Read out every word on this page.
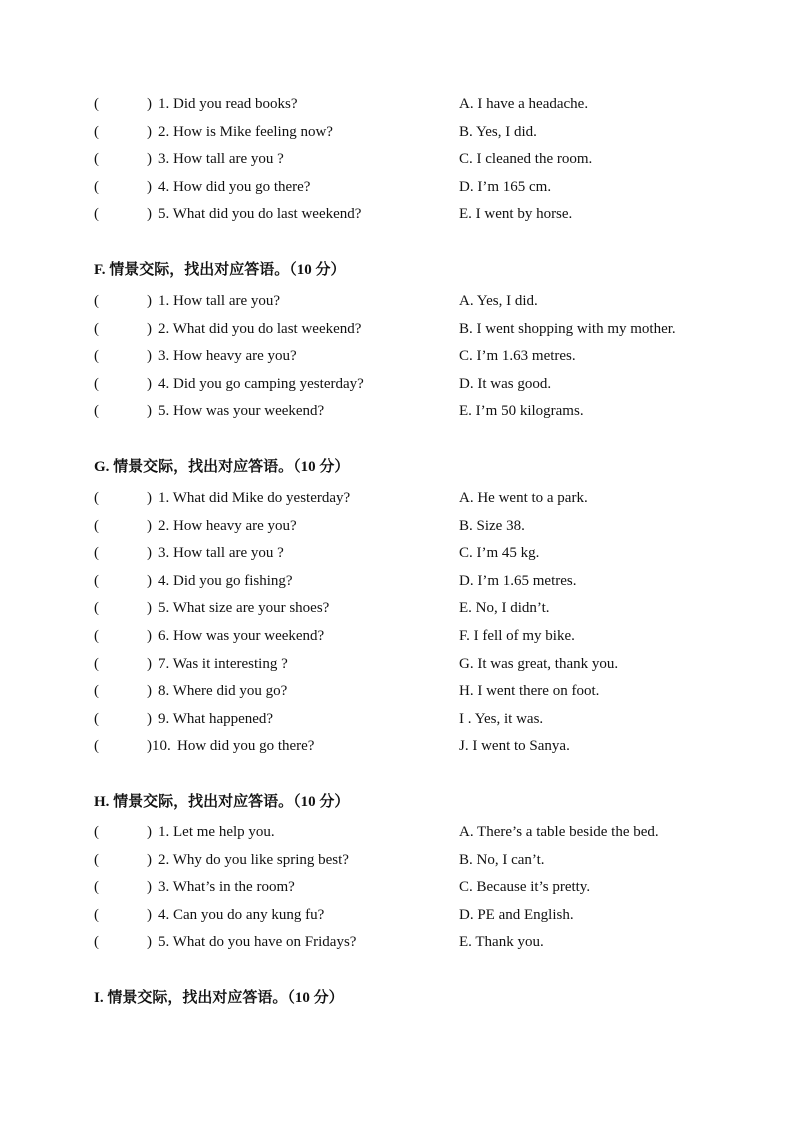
(	) 1. Did you read books?	A. I have a headache.
(	) 2. How is Mike feeling now?	B. Yes, I did.
(	) 3. How tall are you ?	C. I cleaned the room.
(	) 4. How did you go there?	D. I’m 165 cm.
(	) 5. What did you do last weekend?	E. I went by horse.
F. 情景交际，找出对应答语。（10 分）
(	) 1. How tall are you?	A. Yes, I did.
(	) 2. What did you do last weekend?	B. I went shopping with my mother.
(	) 3. How heavy are you?	C. I’m 1.63 metres.
(	) 4. Did you go camping yesterday?	D. It was good.
(	) 5. How was your weekend?	E. I’m 50 kilograms.
G. 情景交际，找出对应答语。（10 分）
(	) 1. What did Mike do yesterday?	A. He went to a park.
(	) 2. How heavy are you?	B. Size 38.
(	) 3. How tall are you ?	C. I’m 45 kg.
(	) 4. Did you go fishing?	D. I’m 1.65 metres.
(	) 5. What size are your shoes?	E. No, I didn’t.
(	) 6. How was your weekend?	F. I fell of my bike.
(	) 7. Was it interesting ?	G. It was great, thank you.
(	) 8. Where did you go?	H. I went there on foot.
(	) 9. What happened?	I . Yes, it was.
(	)10. How did you go there?	J. I went to Sanya.
H. 情景交际，找出对应答语。（10 分）
(	) 1. Let me help you.	A. There’s a table beside the bed.
(	) 2. Why do you like spring best?	B. No, I can’t.
(	) 3. What’s in the room?	C. Because it’s pretty.
(	) 4. Can you do any kung fu?	D. PE and English.
(	) 5. What do you have on Fridays?	E. Thank you.
I. 情景交际，找出对应答语。（10 分）
